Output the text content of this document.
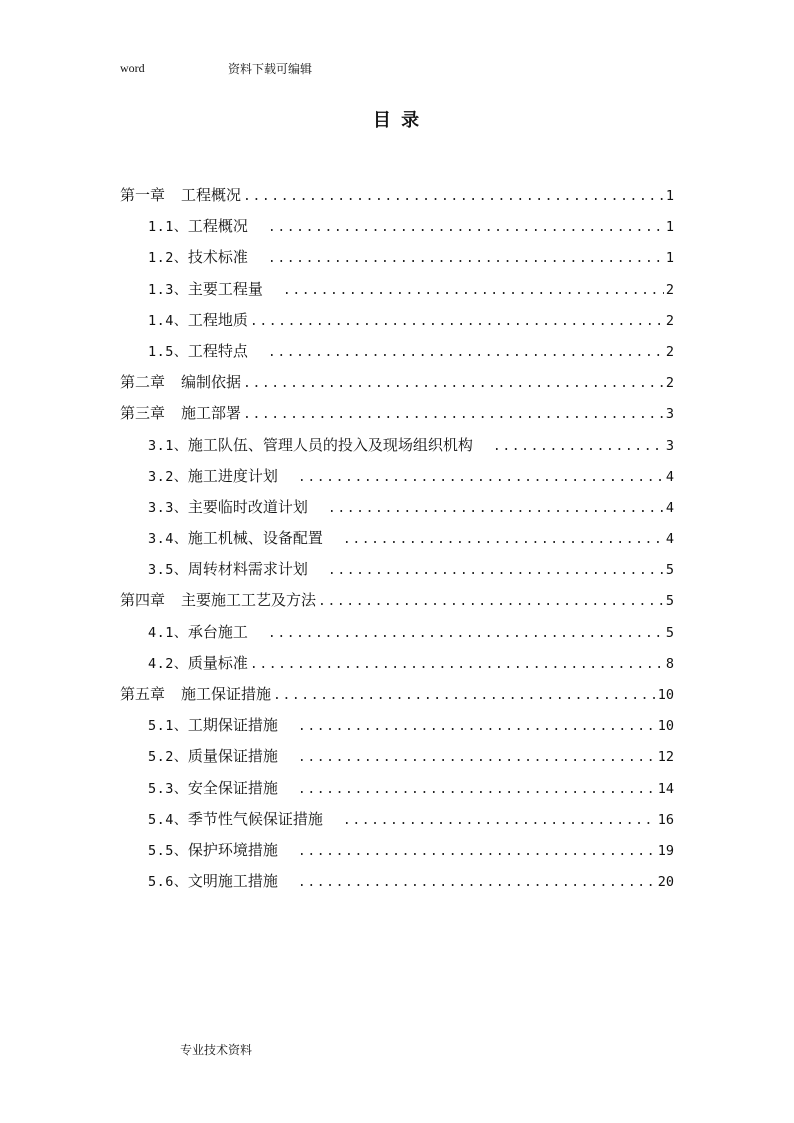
word	资料下载可编辑
目 录
第一章 工程概况 .....	1
1.1、 工程概况 .....	1
1.2、 技术标准 .....	1
1.3、 主要工程量 .....	2
1.4、 工程地质 .....	2
1.5、 工程特点 .....	2
第二章 编制依据 .....	2
第三章 施工部署 .....	3
3.1、 施工队伍、管理人员的投入及现场组织机构 .....	3
3.2、 施工进度计划 .....	4
3.3、 主要临时改道计划 .....	4
3.4、 施工机械、设备配置 .....	4
3.5、 周转材料需求计划 .....	5
第四章 主要施工工艺及方法 .....	5
4.1、 承台施工 .....	5
4.2、 质量标准 .....	8
第五章 施工保证措施 .....	10
5.1、 工期保证措施 .....	10
5.2、 质量保证措施 .....	12
5.3、 安全保证措施 .....	14
5.4、 季节性气候保证措施 .....	16
5.5、 保护环境措施 .....	19
5.6、 文明施工措施 .....	20
专业技术资料
